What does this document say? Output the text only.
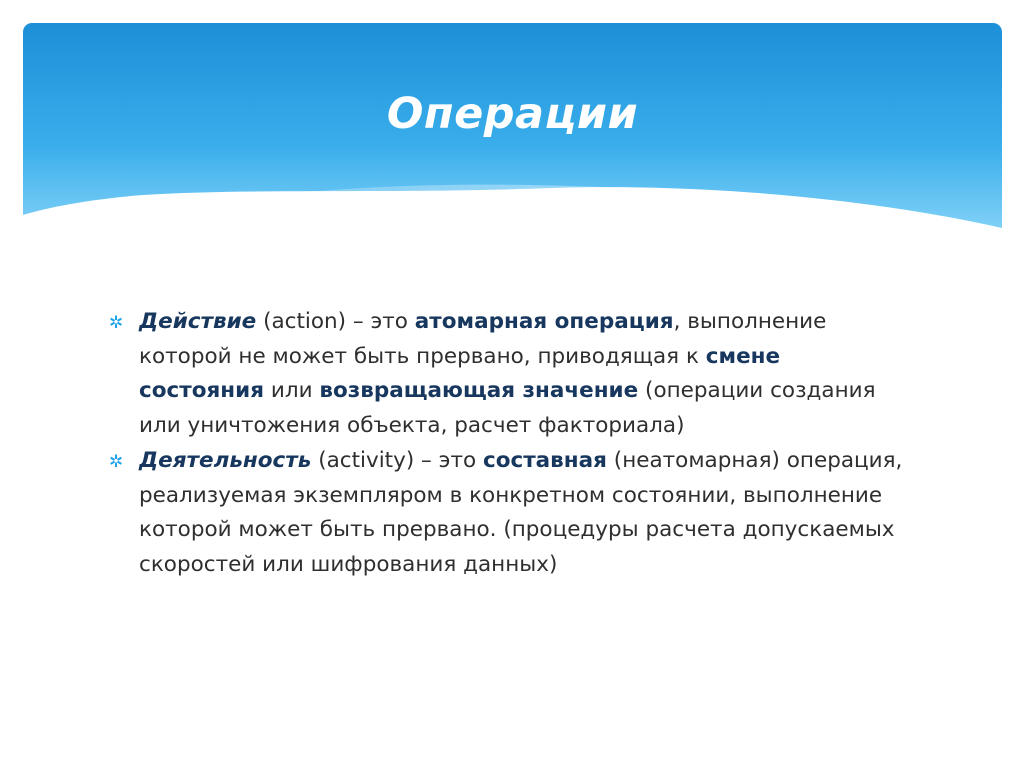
Операции
✲ Действие (action) – это атомарная операция, выполнение которой не может быть прервано, приводящая к смене состояния или возвращающая значение (операции создания или уничтожения объекта, расчет факториала)
✲ Деятельность (activity) – это составная (неатомарная) операция, реализуемая экземпляром в конкретном состоянии, выполнение которой может быть прервано. (процедуры расчета допускаемых скоростей или шифрования данных)
